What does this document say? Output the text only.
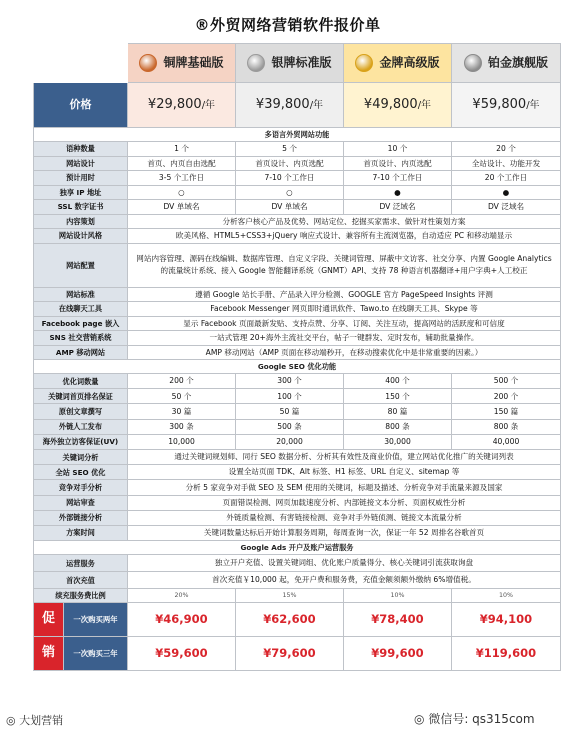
®外贸网络营销软件报价单
		铜牌基础版	银牌标准版	金牌高级版	铂金旗舰版
价格		¥29,800/年	¥39,800/年	¥49,800/年	¥59,800/年
多语言外贸网站功能					
语种数量		1 个	5 个	10 个	20 个
网站设计		首页、内页自由选配	首页设计、内页选配	首页设计、内页选配	全站设计、功能开发
预计用时		3-5 个工作日	7-10 个工作日	7-10 个工作日	20 个工作日
独享 IP 地址		○	○	●	●
SSL 数字证书		DV 单域名	DV 单域名	DV 泛域名	DV 泛域名
内容策划		分析客户核心产品及优势、网站定位、挖掘买家需求、做针对性策划方案			
网站设计风格		欧美风格、HTML5+CSS3+jQuery 响应式设计、兼容所有主流浏览器，自动适应 PC 和移动端显示			
网站配置		网站内容管理、源码在线编辑、数据库管理、自定义字段、关键词管理、屏蔽中文访客、社交分享、内置 Google Analytics 的流量统计系统、接入 Google 智能翻译系统（GNMT）API、支持 78 种语言机器翻译+用户字典+人工校正			
网站标准		遵循 Google 站长手册、产品录入评分检测、GOOGLE 官方 PageSpeed Insights 评测			
在线聊天工具		Facebook Messenger 网页即时通讯软件、Tawo.to 在线聊天工具、Skype 等			
Facebook page 嵌入		显示 Facebook 页面最新发贴、支持点赞、分享、订阅、关注互动，提高网站的活跃度和可信度			
SNS 社交营销系统		一站式管理 20+海外主流社交平台，帖子一键群发、定时发布，辅助批量操作。			
AMP 移动网站		AMP 移动网站（AMP 页面在移动端秒开，在移动搜索优化中是非常重要的因素。）			
Google SEO 优化功能					
优化词数量		200 个	300 个	400 个	500 个
关键词首页排名保证		50 个	100 个	150 个	200 个
原创文章撰写		30 篇	50 篇	80 篇	150 篇
外链人工发布		300 条	500 条	800 条	800 条
海外独立访客保证(UV)		10,000	20,000	30,000	40,000
关键词分析		通过关键词规划师、同行 SEO 数据分析、分析其有效性及商业价值，建立网站优化推广的关键词列表			
全站 SEO 优化		设置全站页面 TDK、Alt 标签、H1 标签、URL 自定义、sitemap 等			
竞争对手分析		分析 5 家竞争对手做 SEO 及 SEM 使用的关键词，标题及描述、分析竞争对手流量来源及国家			
网站审查		页面错误检测、网页加载速度分析、内部链接文本分析、页面权威性分析			
外部链接分析		外链质量检测、有害链接检测、竞争对手外链侦测、链接文本流量分析			
方案时间		关键词数量达标后开始计算服务周期，每周查询一次，保证一年 52 周排名谷歌首页			
Google Ads 开户及账户运营服务					
运营服务		独立开户充值、设置关键词组、优化账户质量得分、核心关键词引流获取询盘			
首次充值		首次充值￥10,000 起，免开户费和服务费，充值金额须额外缴纳 6%增值税。			
续充服务费比例		20%	15%	10%	10%
促	一次购买两年	¥46,900	¥62,600	¥78,400	¥94,100
销	一次购买三年	¥59,600	¥79,600	¥99,600	¥119,600
◎ 大划营销	◎ 微信号: qs315com
